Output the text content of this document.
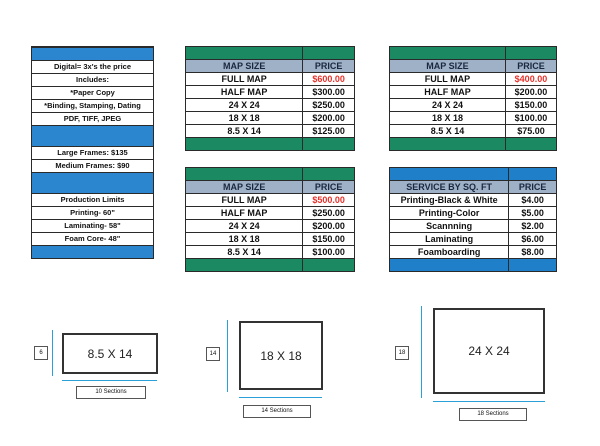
Digital= 3x's the price
Includes:
*Paper Copy
*Binding, Stamping, Dating
PDF, TIFF, JPEG
Large Frames: $135
Medium Frames: $90
Production Limits
Printing- 60"
Laminating- 58"
Foam Core- 48"

MAP SIZE	PRICE
FULL MAP	$600.00
HALF MAP	$300.00
24 X 24	$250.00
18 X 18	$200.00
8.5 X 14	$125.00

MAP SIZE	PRICE
FULL MAP	$400.00
HALF MAP	$200.00
24 X 24	$150.00
18 X 18	$100.00
8.5 X 14	$75.00

MAP SIZE	PRICE
FULL MAP	$500.00
HALF MAP	$250.00
24 X 24	$200.00
18 X 18	$150.00
8.5 X 14	$100.00

SERVICE BY SQ. FT	PRICE
Printing-Black & White	$4.00
Printing-Color	$5.00
Scannning	$2.00
Laminating	$6.00
Foamboarding	$8.00

6	8.5 X 14
10 Sections
14	18 X 18
14 Sections
18	24 X 24
18 Sections
